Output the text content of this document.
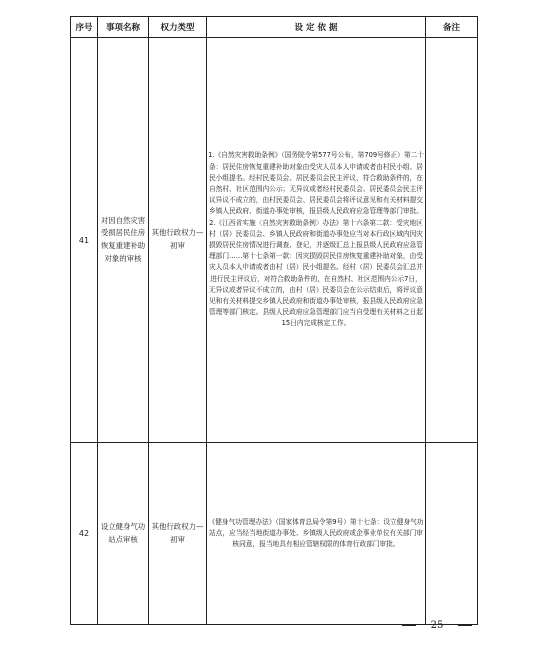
序号	事项名称	权力类型	设 定 依 据	备注
41	对因自然灾害受损居民住房恢复重建补助对象的审核	其他行政权力—初审	1.《自然灾害救助条例》（国务院令第577号公布，第709号修正）第二十条：居民住房恢复重建补助对象由受灾人员本人申请或者由村民小组、居民小组提名。经村民委员会、居民委员会民主评议，符合救助条件的，在自然村、社区范围内公示；无异议或者经村民委员会、居民委员会民主评议异议不成立的，由村民委员会、居民委员会将评议意见和有关材料提交乡镇人民政府、街道办事处审核，报县级人民政府应急管理等部门审批。

2.《江西省实施〈自然灾害救助条例〉办法》第十六条第二款：受灾地区村（居）民委员会、乡镇人民政府和街道办事处应当对本行政区域内因灾损毁居民住房情况进行调查、登记，并逐级汇总上报县级人民政府应急管理部门……第十七条第一款：因灾损毁居民住房恢复重建补助对象，由受灾人员本人申请或者由村（居）民小组提名。经村（居）民委员会汇总并进行民主评议后，对符合救助条件的，在自然村、社区范围内公示7日，无异议或者异议不成立的，由村（居）民委员会在公示结束后，将评议意见和有关材料提交乡镇人民政府和街道办事处审核，报县级人民政府应急管理等部门核定。县级人民政府应急管理部门应当自受理有关材料之日起15日内完成核定工作。	

42	设立健身气功站点审核	其他行政权力—初审	《健身气功管理办法》（国家体育总局令第9号）第十七条：设立健身气功站点，应当经当地街道办事处、乡镇级人民政府或企事业单位有关部门审核同意，报当地具有相应管辖权限的体育行政部门审批。	

25
